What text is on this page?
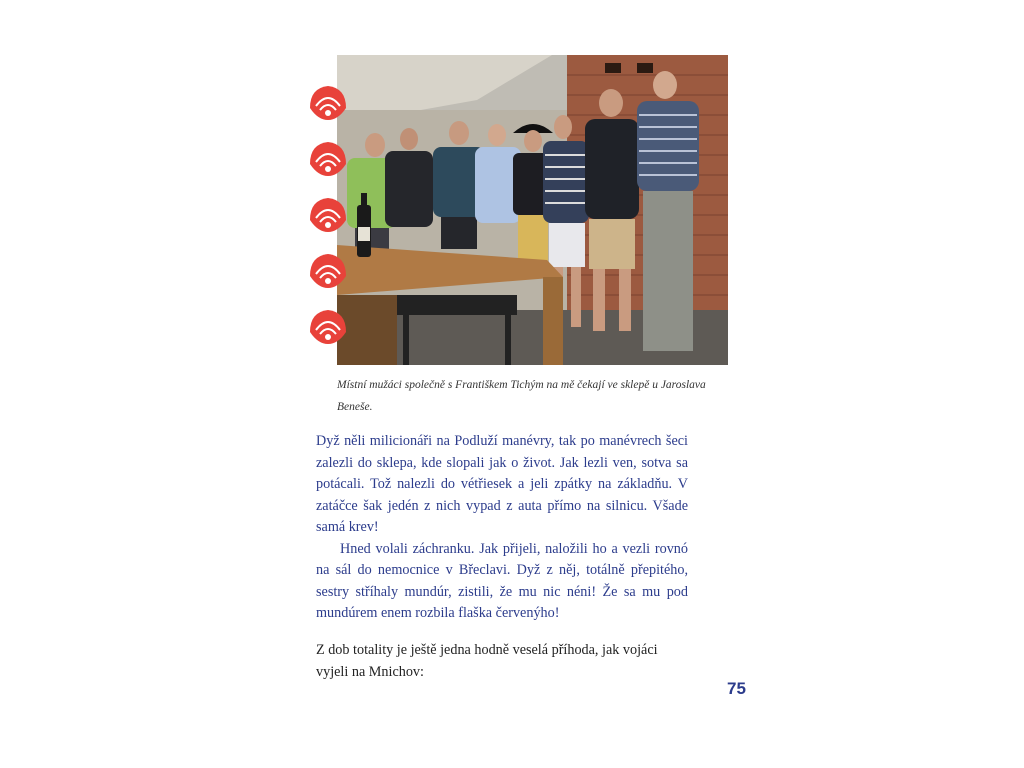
Místní mužáci společně s Františkem Tichým na mě čekají ve sklepě u Jaroslava Beneše.

Dyž něli milicionáři na Podluží manévry, tak po manévrech šeci zalezli do sklepa, kde slopali jak o život. Jak lezli ven, sotva sa potácali. Tož nalezli do vétřiesek a jeli zpátky na základňu. V zatáčce šak jedén z nich vypad z auta přímo na silnicu. Všade samá krev!

Hned volali záchranku. Jak přijeli, naložili ho a vezli rovnó na sál do nemocnice v Břeclavi. Dyž z něj, totálně přepitého, sestry stříhaly mundúr, zistili, že mu nic néni! Že sa mu pod mundúrem enem rozbila flaška červenýho!

Z dob totality je ještě jedna hodně veselá příhoda, jak vojáci vyjeli na Mnichov:

75
